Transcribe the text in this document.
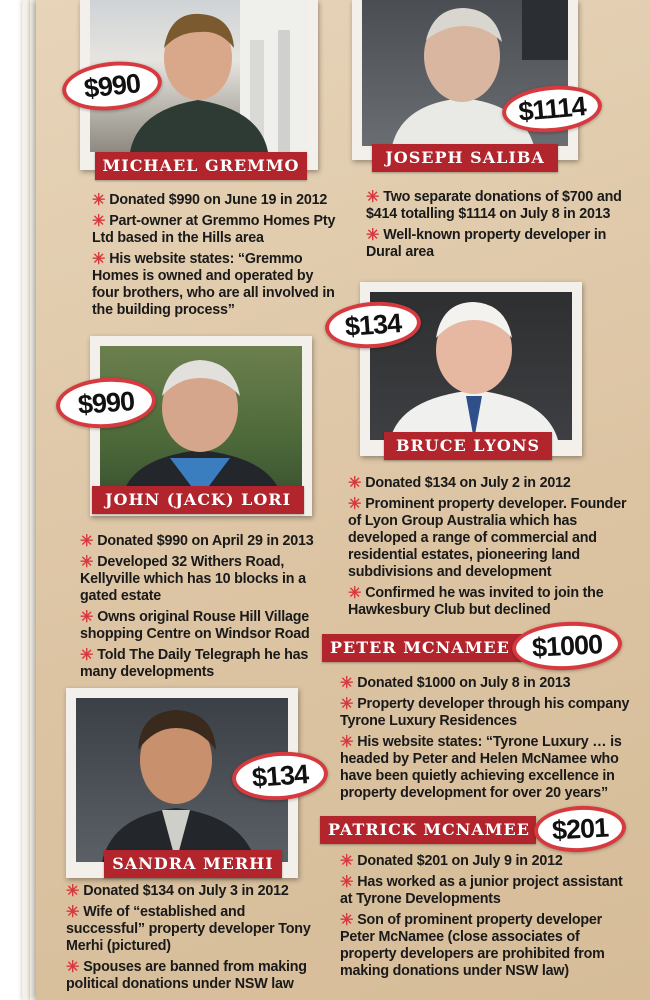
MICHAEL GREMMO
$990
✳ Donated $990 on June 19 in 2012
✳ Part-owner at Gremmo Homes Pty Ltd based in the Hills area
✳ His website states: “Gremmo Homes is owned and operated by four brothers, who are all involved in the building process”
JOSEPH SALIBA
$1114
✳ Two separate donations of $700 and $414 totalling $1114 on July 8 in 2013
✳ Well-known property developer in Dural area
JOHN (JACK) LORI
$990
✳ Donated $990 on April 29 in 2013
✳ Developed 32 Withers Road, Kellyville which has 10 blocks in a gated estate
✳ Owns original Rouse Hill Village shopping Centre on Windsor Road
✳ Told The Daily Telegraph he has many developments
BRUCE LYONS
$134
✳ Donated $134 on July 2 in 2012
✳ Prominent property developer. Founder of Lyon Group Australia which has developed a range of commercial and residential estates, pioneering land subdivisions and development
✳ Confirmed he was invited to join the Hawkesbury Club but declined
PETER MCNAMEE $1000
✳ Donated $1000 on July 8 in 2013
✳ Property developer through his company Tyrone Luxury Residences
✳ His website states: “Tyrone Luxury … is headed by Peter and Helen McNamee who have been quietly achieving excellence in property development for over 20 years”
SANDRA MERHI
$134
✳ Donated $134 on July 3 in 2012
✳ Wife of “established and successful” property developer Tony Merhi (pictured)
✳ Spouses are banned from making political donations under NSW law
PATRICK MCNAMEE $201
✳ Donated $201 on July 9 in 2012
✳ Has worked as a junior project assistant at Tyrone Developments
✳ Son of prominent property developer Peter McNamee (close associates of property developers are prohibited from making donations under NSW law)
